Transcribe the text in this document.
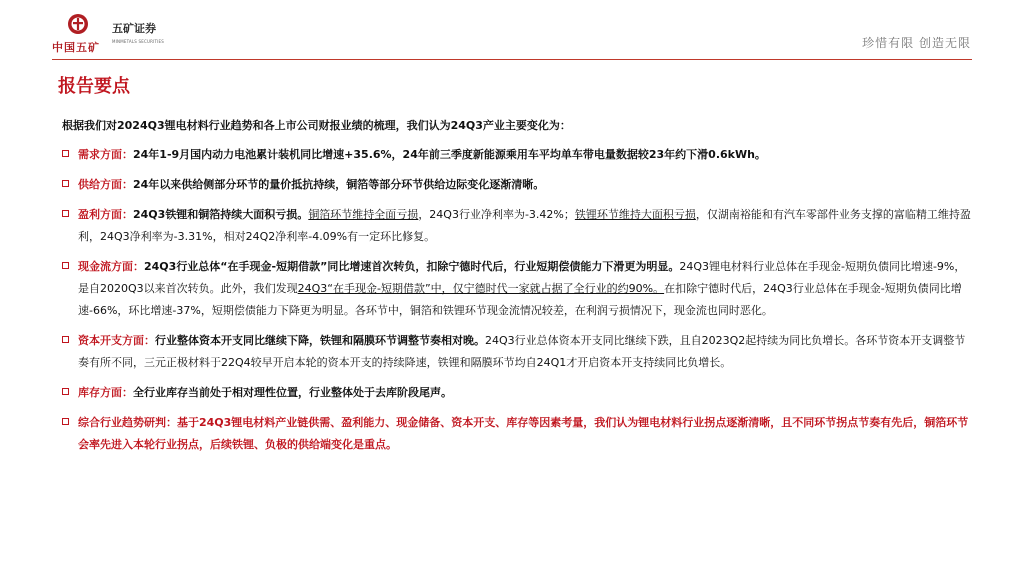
中国五矿
五矿证券
MINMETALS SECURITIES	珍惜有限 创造无限
报告要点
根据我们对2024Q3锂电材料行业趋势和各上市公司财报业绩的梳理，我们认为24Q3产业主要变化为：
需求方面：24年1-9月国内动力电池累计装机同比增速+35.6%，24年前三季度新能源乘用车平均单车带电量数据较23年约下滑0.6kWh。
供给方面：24年以来供给侧部分环节的量价抵抗持续，铜箔等部分环节供给边际变化逐渐清晰。
盈利方面：24Q3铁锂和铜箔持续大面积亏损。铜箔环节维持全面亏损，24Q3行业净利率为-3.42%；铁锂环节维持大面积亏损，仅湖南裕能和有汽车零部件业务支撑的富临精工维持盈利，24Q3净利率为-3.31%，相对24Q2净利率-4.09%有一定环比修复。
现金流方面：24Q3行业总体“在手现金-短期借款”同比增速首次转负，扣除宁德时代后，行业短期偿债能力下滑更为明显。24Q3锂电材料行业总体在手现金-短期负债同比增速-9%，是自2020Q3以来首次转负。此外，我们发现24Q3“在手现金-短期借款”中，仅宁德时代一家就占据了全行业的约90%。在扣除宁德时代后，24Q3行业总体在手现金-短期负债同比增速-66%，环比增速-37%，短期偿债能力下降更为明显。各环节中，铜箔和铁锂环节现金流情况较差，在利润亏损情况下，现金流也同时恶化。
资本开支方面：行业整体资本开支同比继续下降，铁锂和隔膜环节调整节奏相对晚。24Q3行业总体资本开支同比继续下跌，且自2023Q2起持续为同比负增长。各环节资本开支调整节奏有所不同，三元正极材料于22Q4较早开启本轮的资本开支的持续降速，铁锂和隔膜环节均自24Q1才开启资本开支持续同比负增长。
库存方面：全行业库存当前处于相对理性位置，行业整体处于去库阶段尾声。
综合行业趋势研判：基于24Q3锂电材料产业链供需、盈利能力、现金储备、资本开支、库存等因素考量，我们认为锂电材料行业拐点逐渐清晰，且不同环节拐点节奏有先后，铜箔环节会率先进入本轮行业拐点，后续铁锂、负极的供给端变化是重点。
